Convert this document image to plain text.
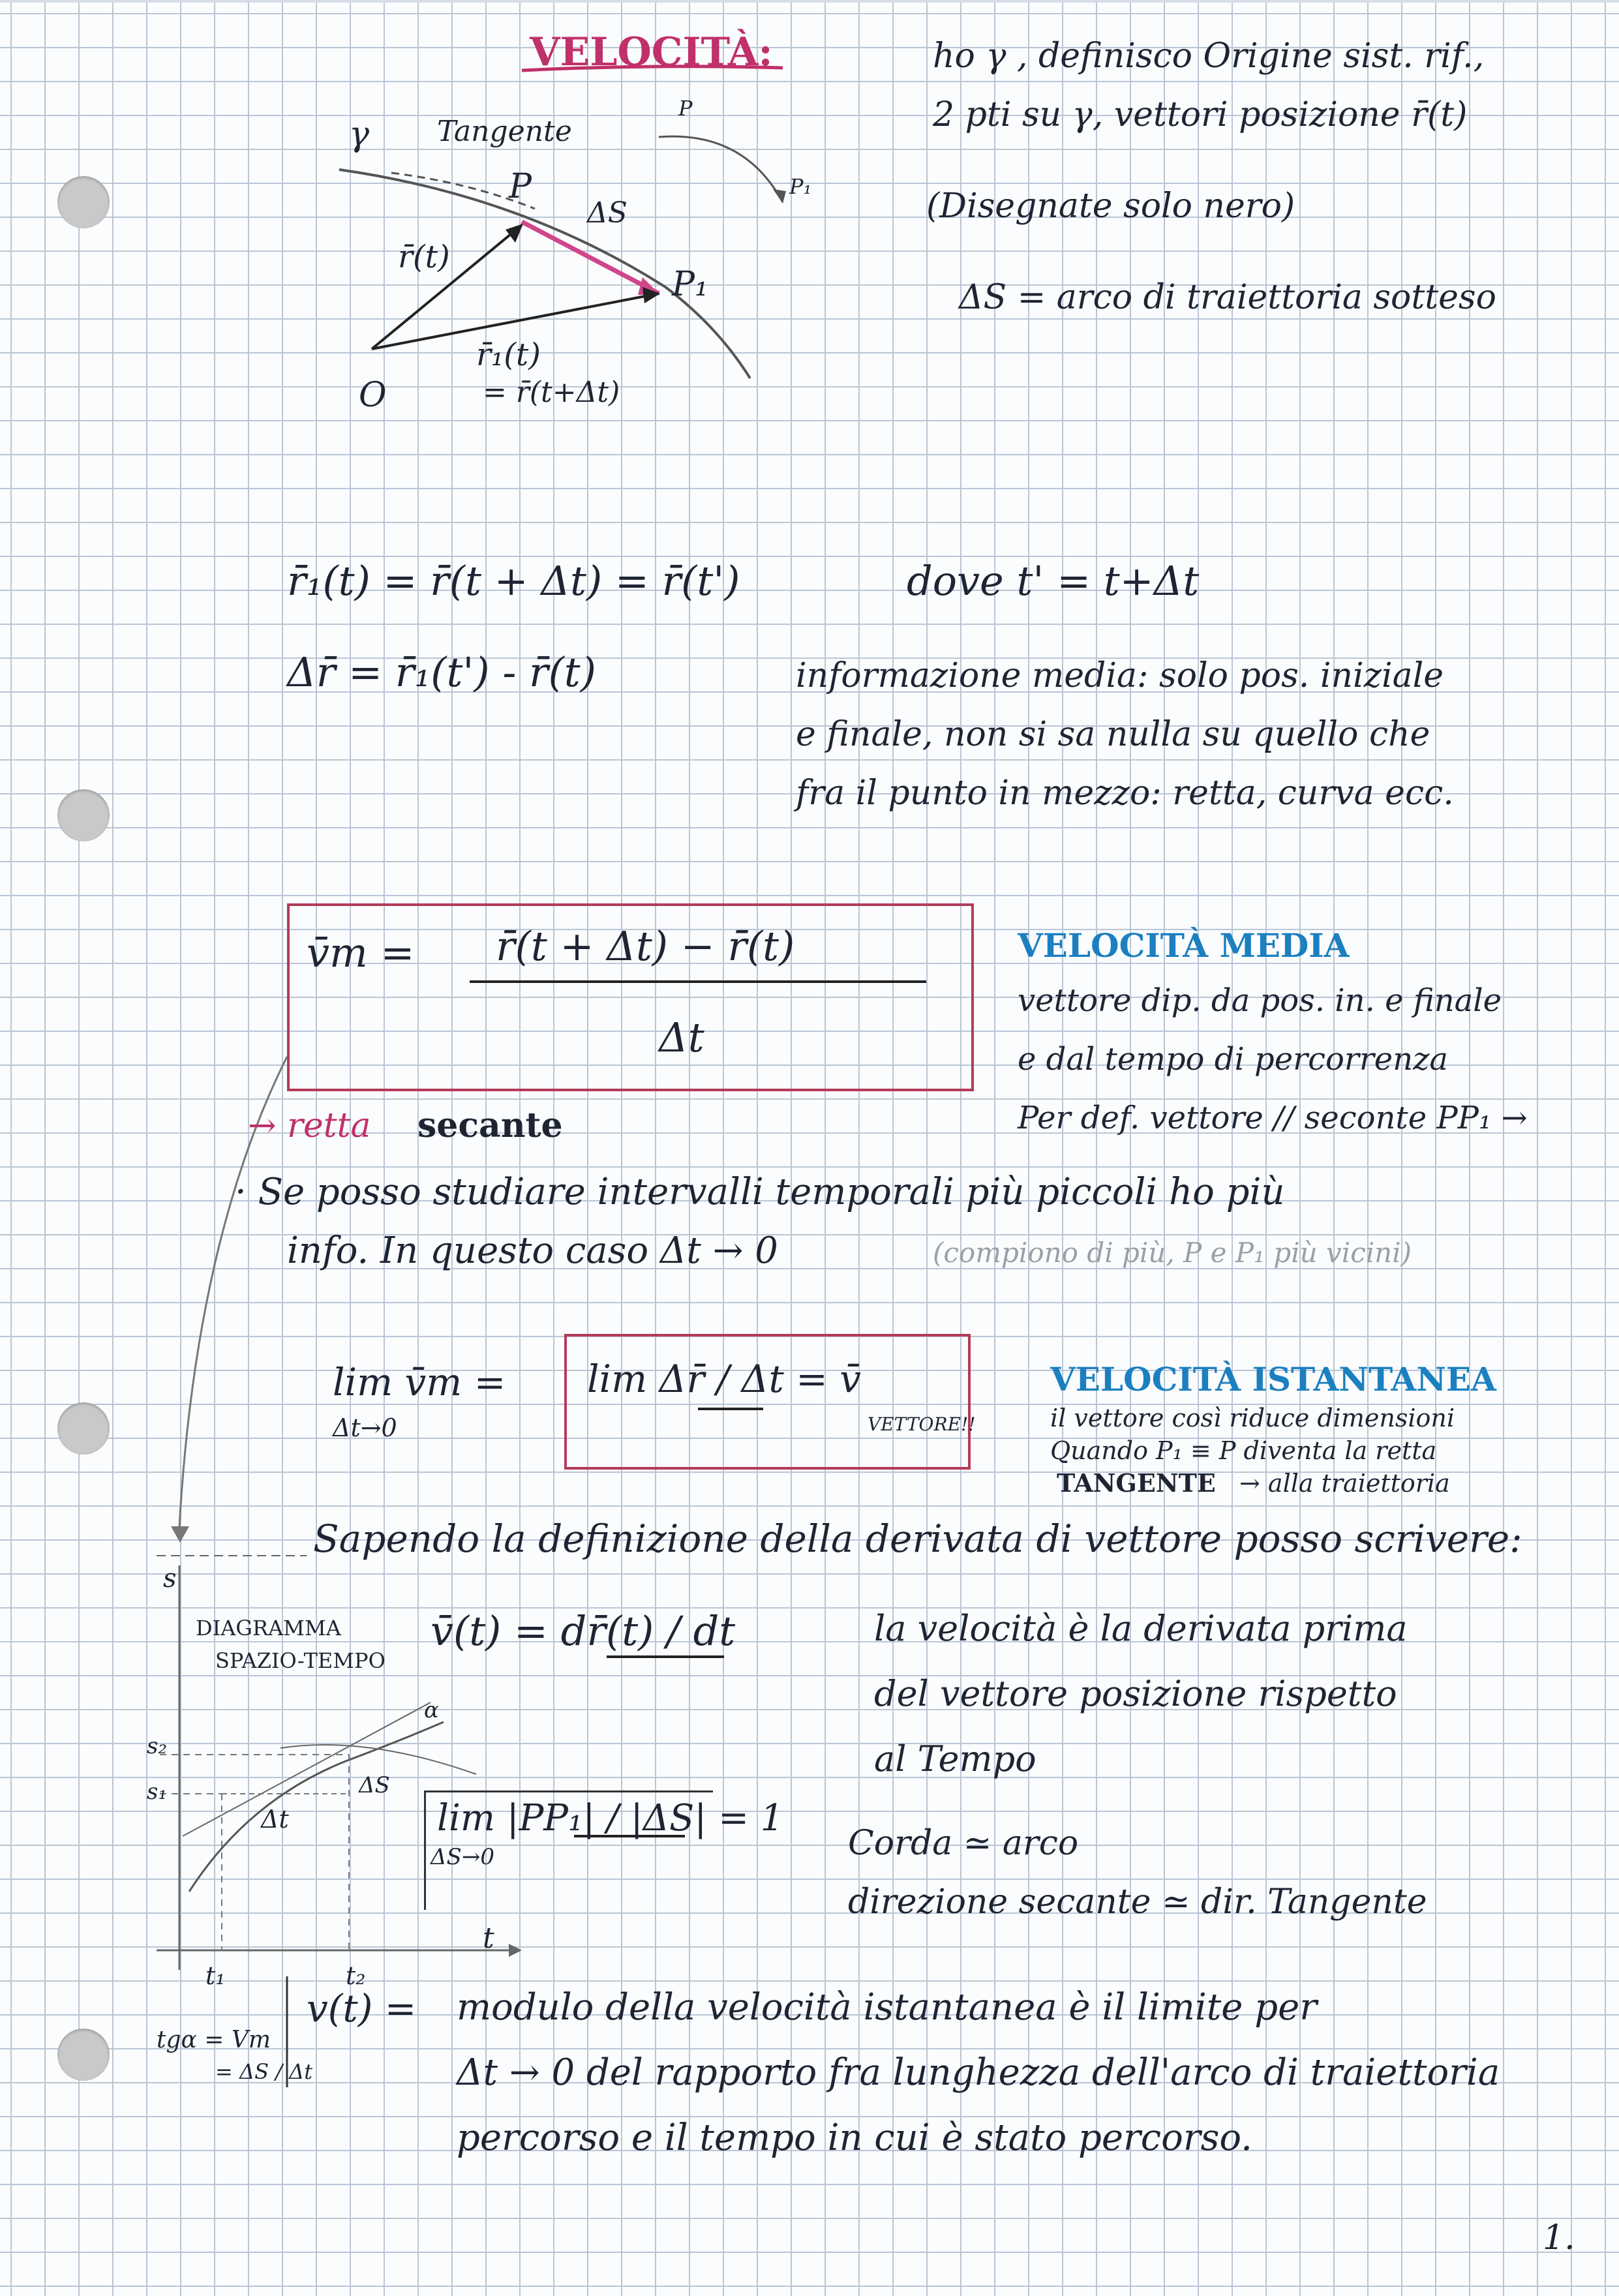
VELOCITÀ:
γ Tangente
P
P₁
ΔS
r̄(t)
r̄₁(t)
= r̄(t+Δt)
O
P
P₁
ho γ , definisco Origine sist. rif.,
2 pti su γ, vettori posizione r̄(t)
(Disegnate solo nero)
ΔS = arco di traiettoria sotteso
r̄₁(t) = r̄(t + Δt) = r̄(t')	dove t' = t+Δt
Δr̄ = r̄₁(t') - r̄(t)	informazione media: solo pos. iniziale
e finale, non si sa nulla su quello che
fra il punto in mezzo: retta, curva ecc.
v̄m = r̄(t + Δt) − r̄(t)
Δt
VELOCITÀ MEDIA
vettore dip. da pos. in. e finale
e dal tempo di percorrenza
Per def. vettore // seconte PP₁ →
→ retta secante
· Se posso studiare intervalli temporali più piccoli ho più
info. In questo caso Δt → 0	(compiono di più, P e P₁ più vicini)
lim v̄m =
Δt→0
lim Δr̄ / Δt = v̄
VETTORE!!
VELOCITÀ ISTANTANEA
il vettore così riduce dimensioni
Quando P₁ ≡ P diventa la retta
TANGENTE → alla traiettoria
Sapendo la definizione della derivata di vettore posso scrivere:
v̄(t) = dr̄(t) / dt	la velocità è la derivata prima
del vettore posizione rispetto
al Tempo
DIAGRAMMA
SPAZIO-TEMPO
s
t
s₁
s₂
t₁	t₂
Δt
ΔS
α
lim |PP₁| / |ΔS| = 1
ΔS→0	Corda ≃ arco
direzione secante ≃ dir. Tangente
v(t) = modulo della velocità istantanea è il limite per
Δt → 0 del rapporto fra lunghezza dell'arco di traiettoria
percorso e il tempo in cui è stato percorso.
tgα = Vm
= ΔS / Δt
1.
